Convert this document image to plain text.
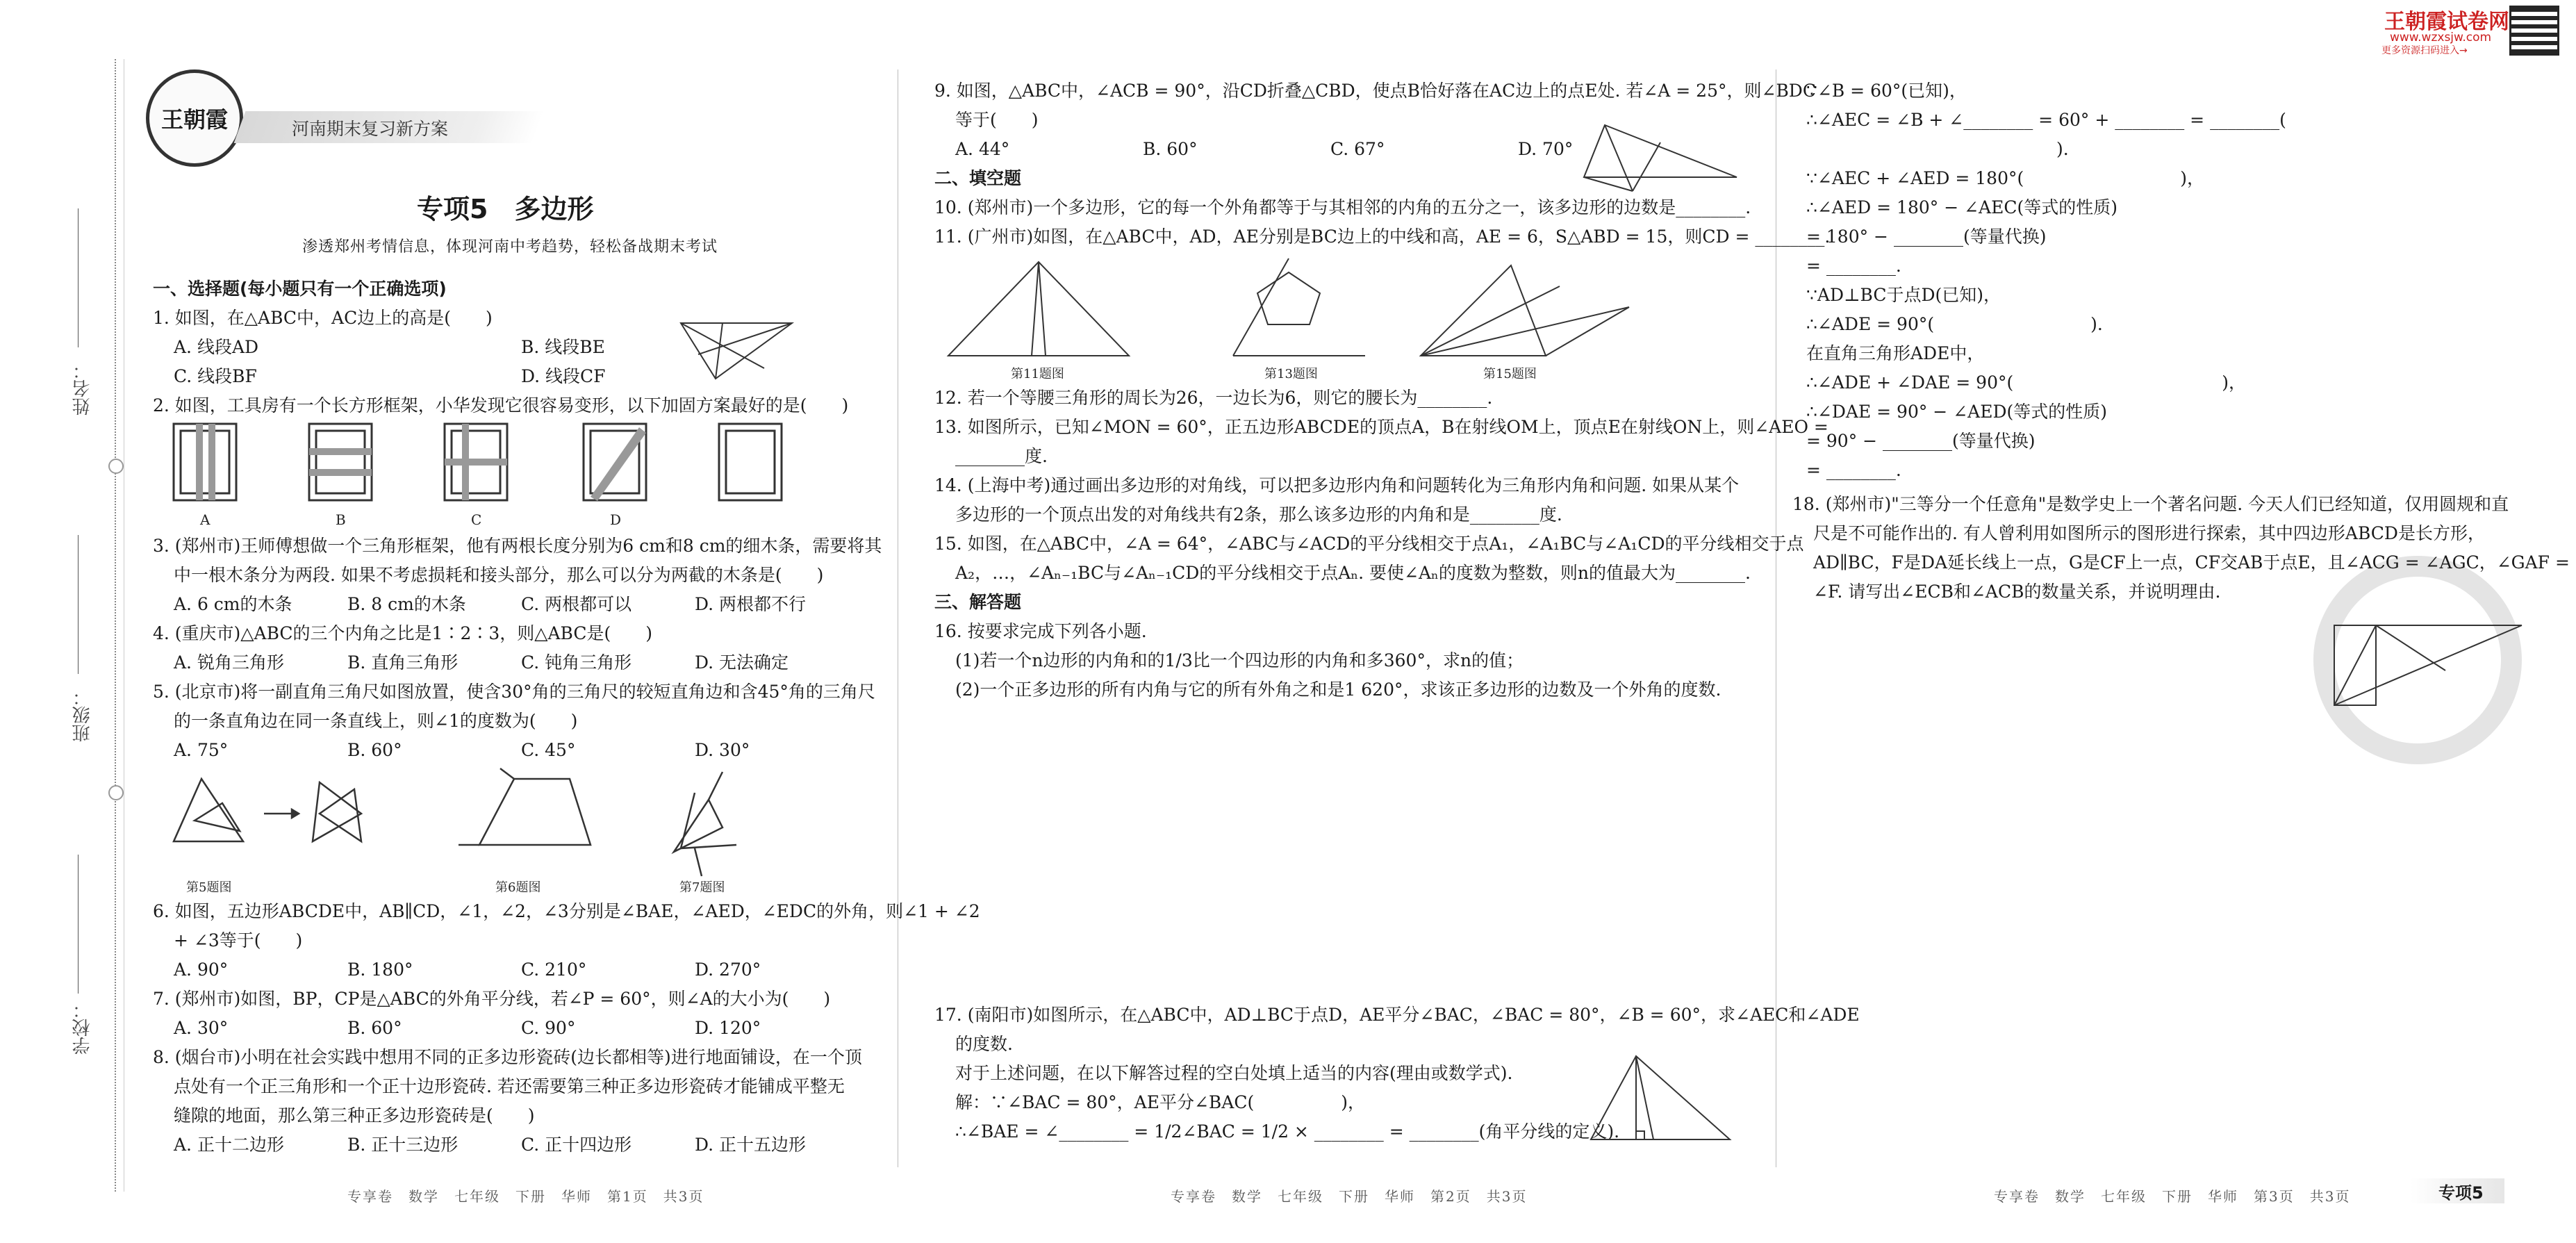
姓名：
班级：
学校：
王朝霞	河南期末复习新方案
专项5　多边形
渗透郑州考情信息，体现河南中考趋势，轻松备战期末考试
王朝霞试卷网
www.wzxsjw.com
更多资源扫码进入→

一、选择题(每小题只有一个正确选项)

1. 如图，在△ABC中，AC边上的高是(　　)

A. 线段AD	B. 线段BE
C. 线段BF	D. 线段CF

2. 如图，工具房有一个长方形框架，小华发现它很容易变形，以下加固方案最好的是(　　)

A	B	C	D

3. (郑州市)王师傅想做一个三角形框架，他有两根长度分别为6 cm和8 cm的细木条，需要将其

中一根木条分为两段. 如果不考虑损耗和接头部分，那么可以分为两截的木条是(　　)

A. 6 cm的木条	B. 8 cm的木条	C. 两根都可以	D. 两根都不行

4. (重庆市)△ABC的三个内角之比是1∶2∶3，则△ABC是(　　)

A. 锐角三角形	B. 直角三角形	C. 钝角三角形	D. 无法确定

5. (北京市)将一副直角三角尺如图放置，使含30°角的三角尺的较短直角边和含45°角的三角尺

的一条直角边在同一条直线上，则∠1的度数为(　　)

A. 75°	B. 60°	C. 45°	D. 30°
第5题图	第6题图	第7题图

6. 如图，五边形ABCDE中，AB∥CD，∠1，∠2，∠3分别是∠BAE，∠AED，∠EDC的外角，则∠1 + ∠2

+ ∠3等于(　　)

A. 90°	B. 180°	C. 210°	D. 270°

7. (郑州市)如图，BP，CP是△ABC的外角平分线，若∠P = 60°，则∠A的大小为(　　)

A. 30°	B. 60°	C. 90°	D. 120°

8. (烟台市)小明在社会实践中想用不同的正多边形瓷砖(边长都相等)进行地面铺设，在一个顶

点处有一个正三角形和一个正十边形瓷砖. 若还需要第三种正多边形瓷砖才能铺成平整无

缝隙的地面，那么第三种正多边形瓷砖是(　　)

A. 正十二边形	B. 正十三边形	C. 正十四边形	D. 正十五边形

9. 如图，△ABC中，∠ACB = 90°，沿CD折叠△CBD，使点B恰好落在AC边上的点E处. 若∠A = 25°，则∠BDC

等于(　　)

A. 44°	B. 60°	C. 67°	D. 70°

二、填空题

10. (郑州市)一个多边形，它的每一个外角都等于与其相邻的内角的五分之一，该多边形的边数是________.

11. (广州市)如图，在△ABC中，AD，AE分别是BC边上的中线和高，AE = 6，S△ABD = 15，则CD = ________.

第11题图	第13题图	第15题图

12. 若一个等腰三角形的周长为26，一边长为6，则它的腰长为________.

13. 如图所示，已知∠MON = 60°，正五边形ABCDE的顶点A，B在射线OM上，顶点E在射线ON上，则∠AEO =

________度.

14. (上海中考)通过画出多边形的对角线，可以把多边形内角和问题转化为三角形内角和问题. 如果从某个

多边形的一个顶点出发的对角线共有2条，那么该多边形的内角和是________度.

15. 如图，在△ABC中，∠A = 64°，∠ABC与∠ACD的平分线相交于点A₁，∠A₁BC与∠A₁CD的平分线相交于点

A₂，…，∠Aₙ₋₁BC与∠Aₙ₋₁CD的平分线相交于点Aₙ. 要使∠Aₙ的度数为整数，则n的值最大为________.

三、解答题

16. 按要求完成下列各小题.

(1)若一个n边形的内角和的1/3比一个四边形的内角和多360°，求n的值；

(2)一个正多边形的所有内角与它的所有外角之和是1 620°，求该正多边形的边数及一个外角的度数.

17. (南阳市)如图所示，在△ABC中，AD⊥BC于点D，AE平分∠BAC，∠BAC = 80°，∠B = 60°，求∠AEC和∠ADE

的度数.

对于上述问题，在以下解答过程的空白处填上适当的内容(理由或数学式).

解：∵∠BAC = 80°，AE平分∠BAC(　　　　　)，

∴∠BAE = ∠________ = 1/2∠BAC = 1/2 × ________ = ________(角平分线的定义).

∵∠B = 60°(已知)，

∴∠AEC = ∠B + ∠________ = 60° + ________ = ________(

).

∵∠AEC + ∠AED = 180°(　　　　　　　　　)，

∴∠AED = 180° − ∠AEC(等式的性质)

= 180° − ________(等量代换)

= ________.

∵AD⊥BC于点D(已知)，

∴∠ADE = 90°(　　　　　　　　　).

在直角三角形ADE中，

∴∠ADE + ∠DAE = 90°(　　　　　　　　　　　　)，

∴∠DAE = 90° − ∠AED(等式的性质)

= 90° − ________(等量代换)

= ________.

18. (郑州市)"三等分一个任意角"是数学史上一个著名问题. 今天人们已经知道，仅用圆规和直

尺是不可能作出的. 有人曾利用如图所示的图形进行探索，其中四边形ABCD是长方形，

AD∥BC，F是DA延长线上一点，G是CF上一点，CF交AB于点E，且∠ACG = ∠AGC，∠GAF =

∠F. 请写出∠ECB和∠ACB的数量关系，并说明理由.

专享卷　数学　七年级　下册　华师　第1页　共3页	专享卷　数学　七年级　下册　华师　第2页　共3页	专享卷　数学　七年级　下册　华师　第3页　共3页	专项5
